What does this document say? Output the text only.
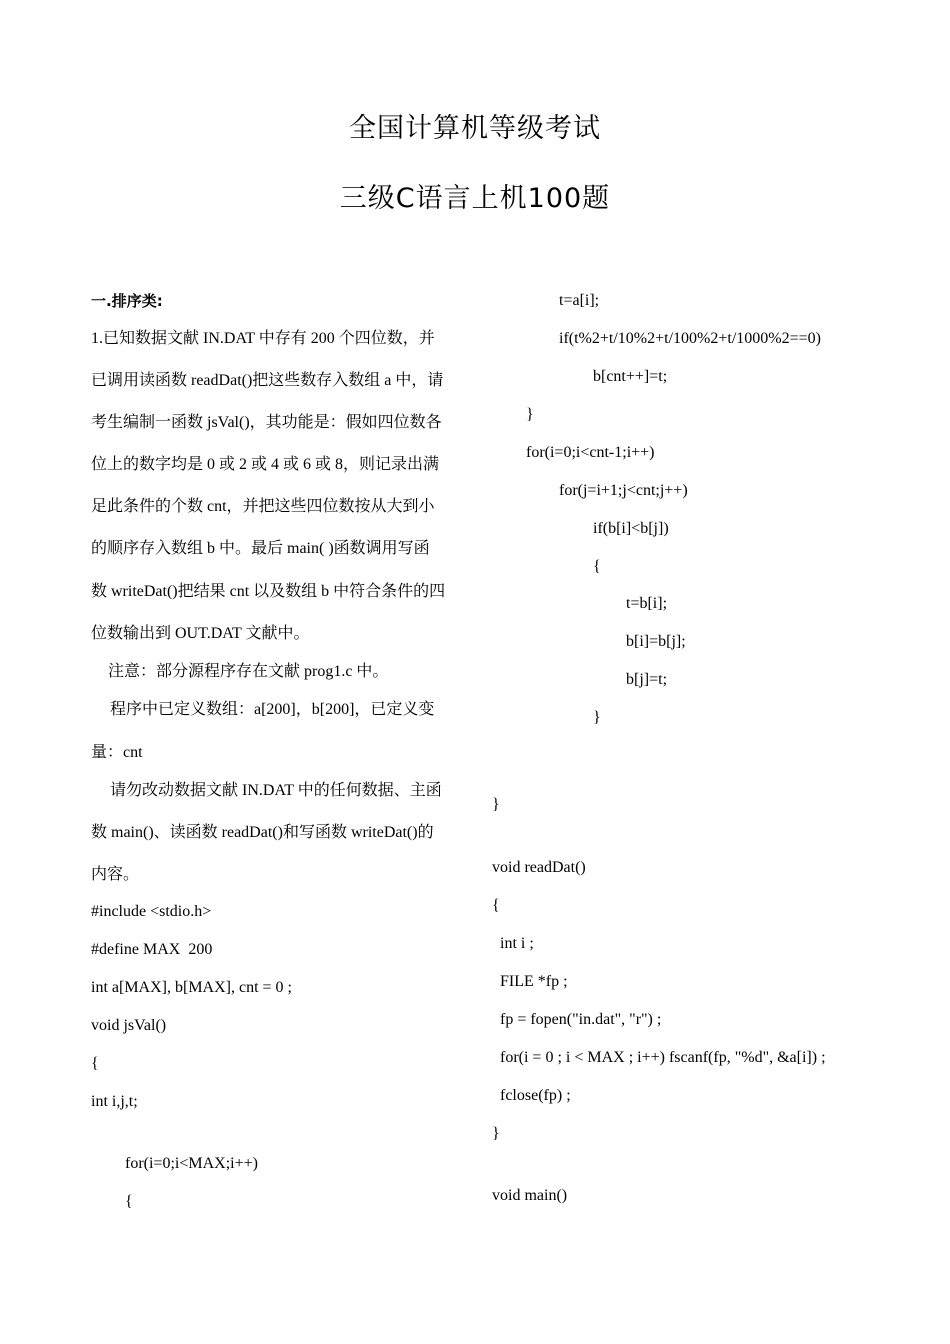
全国计算机等级考试
三级C语言上机100题
一.排序类:
1.已知数据文献 IN.DAT 中存有 200 个四位数，并
已调用读函数 readDat()把这些数存入数组 a 中，请
考生编制一函数 jsVal()，其功能是：假如四位数各
位上的数字均是 0 或 2 或 4 或 6 或 8，则记录出满
足此条件的个数 cnt，并把这些四位数按从大到小
的顺序存入数组 b 中。最后 main( )函数调用写函
数 writeDat()把结果 cnt 以及数组 b 中符合条件的四
位数输出到 OUT.DAT 文献中。
注意：部分源程序存在文献 prog1.c 中。
程序中已定义数组：a[200]，b[200]，已定义变
量：cnt
请勿改动数据文献 IN.DAT 中的任何数据、主函
数 main()、读函数 readDat()和写函数 writeDat()的
内容。
#include <stdio.h>
#define MAX  200
int a[MAX], b[MAX], cnt = 0 ;
void jsVal()
{
int i,j,t;
for(i=0;i<MAX;i++)
{
t=a[i];
if(t%2+t/10%2+t/100%2+t/1000%2==0)
b[cnt++]=t;
}
for(i=0;i<cnt-1;i++)
for(j=i+1;j<cnt;j++)
if(b[i]<b[j])
{
t=b[i];
b[i]=b[j];
b[j]=t;
}
}
void readDat()
{
int i ;
FILE *fp ;
fp = fopen("in.dat", "r") ;
for(i = 0 ; i < MAX ; i++) fscanf(fp, "%d", &a[i]) ;
fclose(fp) ;
}
void main()
